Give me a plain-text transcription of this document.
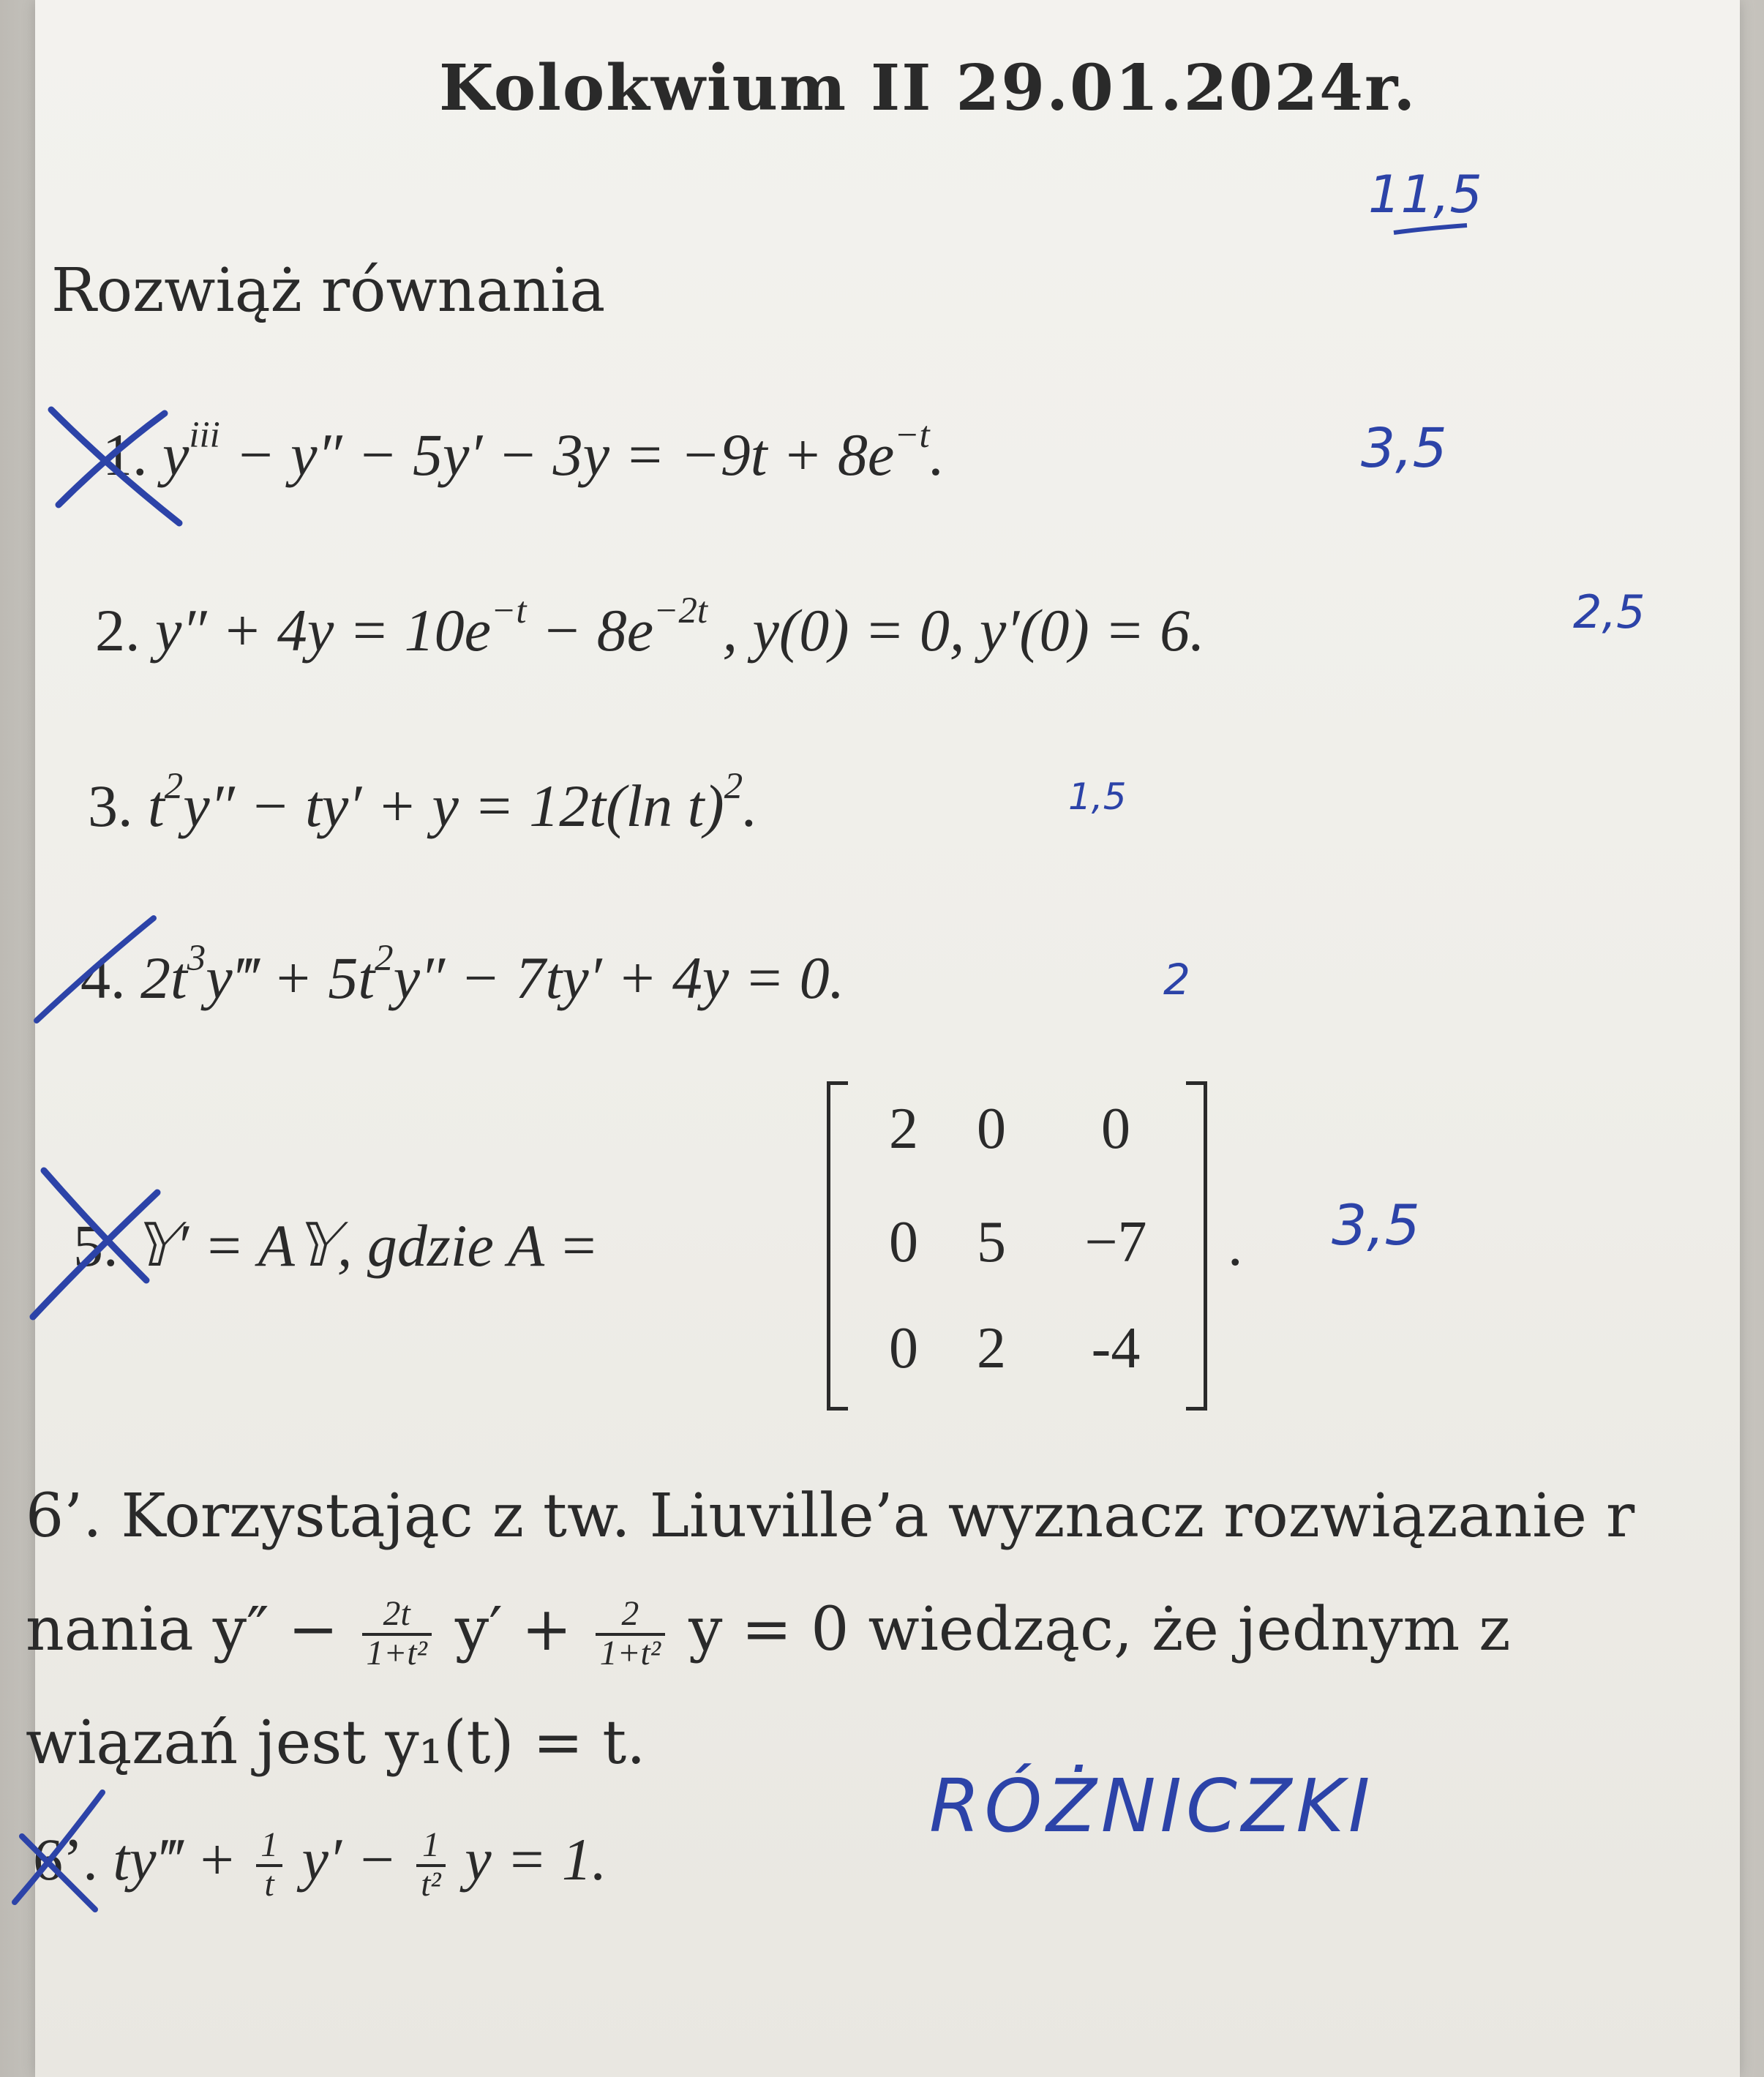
Kolokwium II 29.01.2024r.
Rozwiąż równania
1. $y^{iii} - y'' - 5y' - 3y = -9t + 8e^{-t}$.
2. $y'' + 4y = 10e^{-t} - 8e^{-2t}$ , y(0) = 0, y′(0) = 6.
3. $t^2y'' - ty' + y = 12t(\ln$ t)$^2$.
4. $2t^3y‴ + 5t^2y'' - 7ty' + 4y = 0$.
5. 𝕐′ = A𝕐, gdzie A =
2	0	0
0	5	−7
0	2	-4
.
6’. Korzystając z tw. Liuville’a wyznacz rozwiązanie r
nania $y'' - \frac{2t}{\text{1+t²}} y' + \frac{2}{\text{1+t²}}$ y = 0 wiedząc, że jednym z
wiązań jest y₁(t) = t.
6’. ty‴ + $\frac{1}{t} y' - \frac{1}{\text{t²}}$ y = 1.
11,5
3,5
2,5
1,5
2
3,5
RÓŻNICZKI
